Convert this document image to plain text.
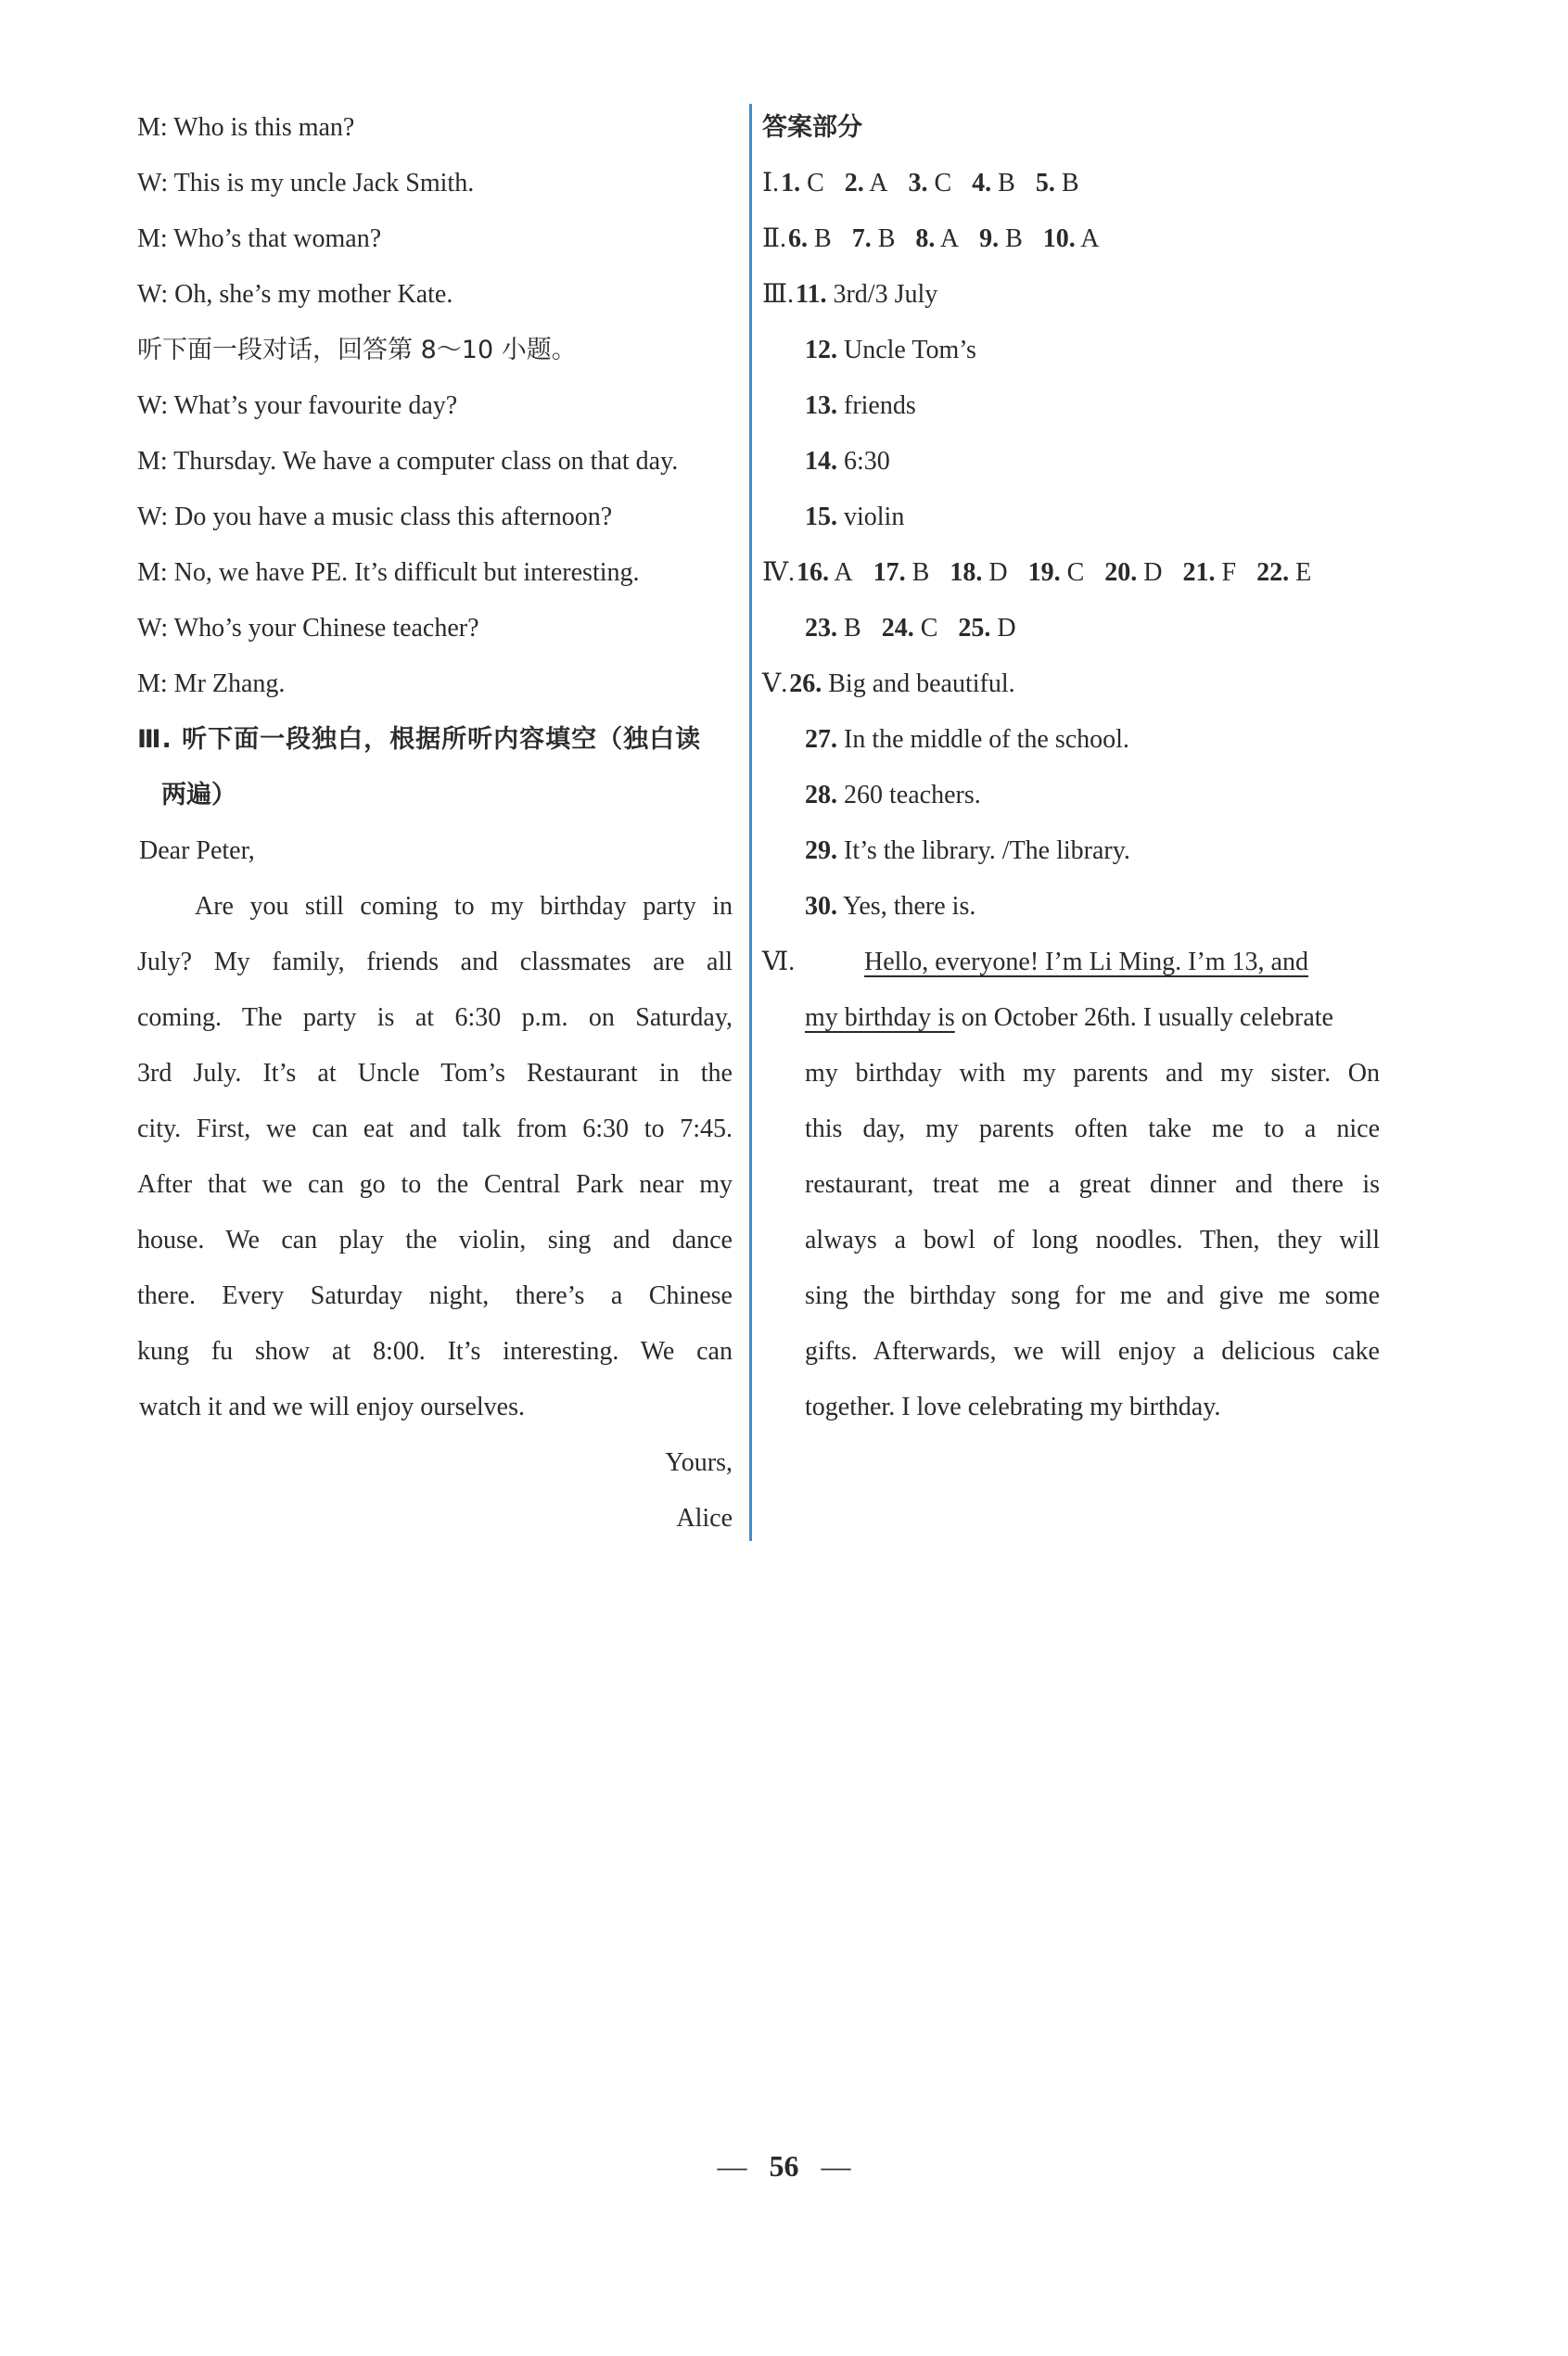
M: Who is this man?
W: This is my uncle Jack Smith.
M: Who’s that woman?
W: Oh, she’s my mother Kate.
听下面一段对话，回答第 8～10 小题。
W: What’s your favourite day?
M: Thursday. We have a computer class on that day.
W: Do you have a music class this afternoon?
M: No, we have PE. It’s difficult but interesting.
W: Who’s your Chinese teacher?
M: Mr Zhang.
Ⅲ. 听下面一段独白，根据所听内容填空（独白读
两遍）
Dear Peter,
Are you still coming to my birthday party in
July? My family, friends and classmates are all
coming. The party is at 6:30 p.m. on Saturday,
3rd July. It’s at Uncle Tom’s Restaurant in the
city. First, we can eat and talk from 6:30 to 7:45.
After that we can go to the Central Park near my
house. We can play the violin, sing and dance
there. Every Saturday night, there’s a Chinese
kung fu show at 8:00. It’s interesting. We can
watch it and we will enjoy ourselves.
Yours,
Alice
答案部分
Ⅰ.1. C 2. A 3. C 4. B 5. B
Ⅱ.6. B 7. B 8. A 9. B 10. A
Ⅲ.11. 3rd/3 July
12. Uncle Tom’s
13. friends
14. 6:30
15. violin
Ⅳ.16. A 17. B 18. D 19. C 20. D 21. F 22. E
23. B 24. C 25. D
Ⅴ.26. Big and beautiful.
27. In the middle of the school.
28. 260 teachers.
29. It’s the library. /The library.
30. Yes, there is.
Ⅵ.	Hello, everyone! I’m Li Ming. I’m 13, and
my birthday is on October 26th. I usually celebrate
my birthday with my parents and my sister. On
this day, my parents often take me to a nice
restaurant, treat me a great dinner and there is
always a bowl of long noodles. Then, they will
sing the birthday song for me and give me some
gifts. Afterwards, we will enjoy a delicious cake
together. I love celebrating my birthday.
— 56 —
